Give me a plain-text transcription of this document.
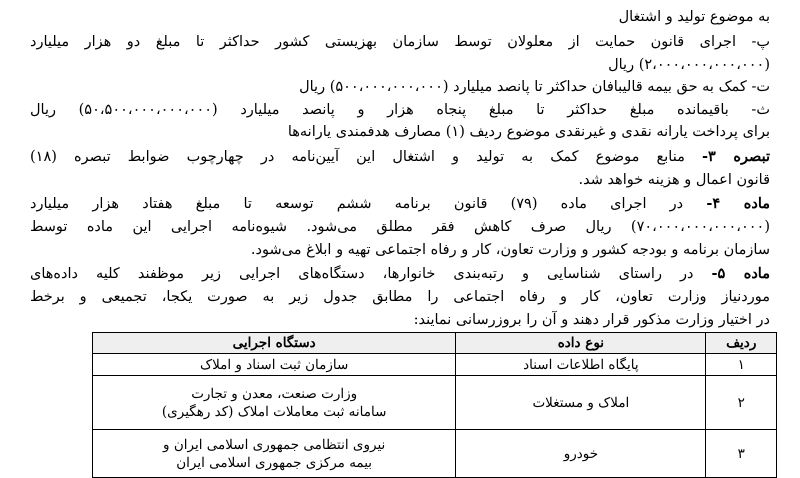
به موضوع تولید و اشتغال
پ- اجرای قانون حمایت از معلولان توسط سازمان بهزیستی کشور حداکثر تا مبلغ دو هزار میلیارد
(۲،۰۰۰،۰۰۰،۰۰۰،۰۰۰) ریال
ت- کمک به حق بیمه قالیبافان حداکثر تا پانصد میلیارد (۵۰۰،۰۰۰،۰۰۰،۰۰۰) ریال
ث- باقیمانده مبلغ حداکثر تا مبلغ پنجاه هزار و پانصد میلیارد (۵۰،۵۰۰،۰۰۰،۰۰۰،۰۰۰) ریال
برای پرداخت یارانه نقدی و غیرنقدی موضوع ردیف (۱) مصارف هدفمندی یارانه‌ها
تبصره ۳- منابع موضوع کمک به تولید و اشتغال این آیین‌نامه در چهارچوب ضوابط تبصره (۱۸)
قانون اعمال و هزینه خواهد شد.
ماده ۴- در اجرای ماده (۷۹) قانون برنامه ششم توسعه تا مبلغ هفتاد هزار میلیارد
(۷۰،۰۰۰،۰۰۰،۰۰۰،۰۰۰) ریال صرف کاهش فقر مطلق می‌شود. شیوه‌نامه اجرایی این ماده توسط
سازمان برنامه و بودجه کشور و وزارت تعاون، کار و رفاه اجتماعی تهیه و ابلاغ می‌شود.
ماده ۵- در راستای شناسایی و رتبه‌بندی خانوارها، دستگاه‌های اجرایی زیر موظفند کلیه داده‌های
موردنیاز وزارت تعاون، کار و رفاه اجتماعی را مطابق جدول زیر به صورت یکجا، تجمیعی و برخط
در اختیار وزارت مذکور قرار دهند و آن را بروزرسانی نمایند:
ردیف	نوع داده	دستگاه اجرایی
۱	پایگاه اطلاعات اسناد	سازمان ثبت اسناد و املاک

۲	املاک و مستغلات	وزارت صنعت، معدن و تجارت
سامانه ثبت معاملات املاک (کد رهگیری)

۳	خودرو	نیروی انتظامی جمهوری اسلامی ایران و
بیمه مرکزی جمهوری اسلامی ایران
